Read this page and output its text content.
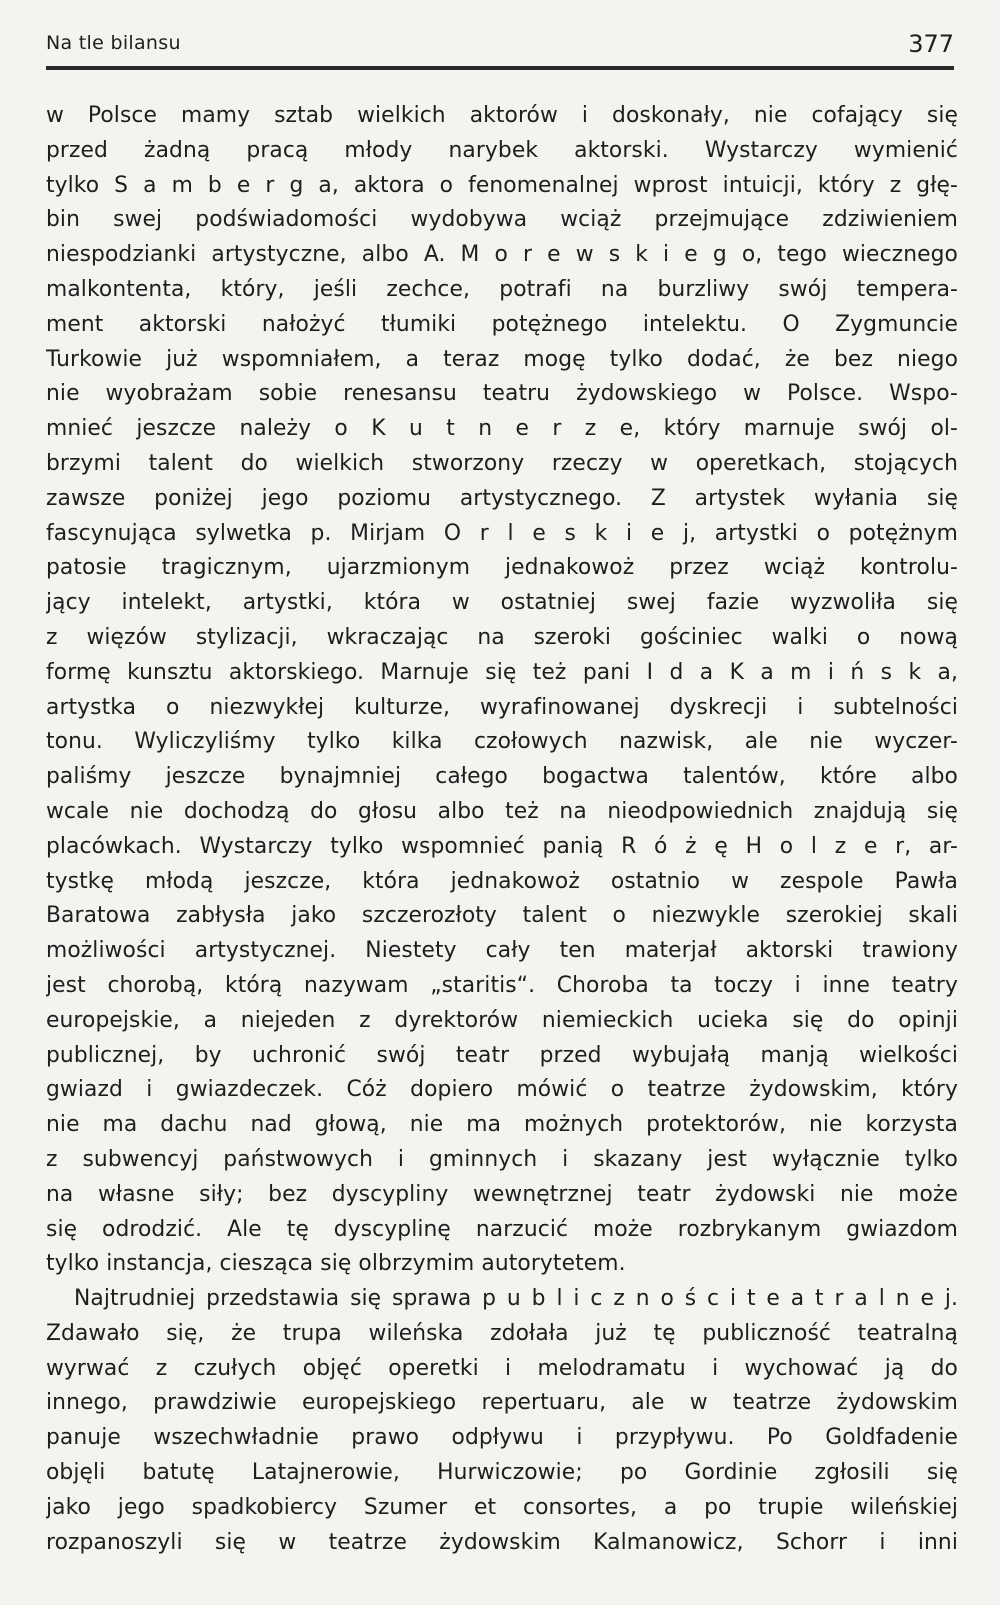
Na tle bilansu	377
w Polsce mamy sztab wielkich aktorów i doskonały, nie cofający się
przed żadną pracą młody narybek aktorski. Wystarczy wymienić
tylko S a m b e r g a, aktora o fenomenalnej wprost intuicji, który z głę-
bin swej podświadomości wydobywa wciąż przejmujące zdziwieniem
niespodzianki artystyczne, albo A. M o r e w s k i e g o, tego wiecznego
malkontenta, który, jeśli zechce, potrafi na burzliwy swój tempera-
ment aktorski nałożyć tłumiki potężnego intelektu. O Zygmuncie
Turkowie już wspomniałem, a teraz mogę tylko dodać, że bez niego
nie wyobrażam sobie renesansu teatru żydowskiego w Polsce. Wspo-
mnieć jeszcze należy o K u t n e r z e, który marnuje swój ol-
brzymi talent do wielkich stworzony rzeczy w operetkach, stojących
zawsze poniżej jego poziomu artystycznego. Z artystek wyłania się
fascynująca sylwetka p. Mirjam O r l e s k i e j, artystki o potężnym
patosie tragicznym, ujarzmionym jednakowoż przez wciąż kontrolu-
jący intelekt, artystki, która w ostatniej swej fazie wyzwoliła się
z więzów stylizacji, wkraczając na szeroki gościniec walki o nową
formę kunsztu aktorskiego. Marnuje się też pani I d a K a m i ń s k a,
artystka o niezwykłej kulturze, wyrafinowanej dyskrecji i subtelności
tonu. Wyliczyliśmy tylko kilka czołowych nazwisk, ale nie wyczer-
paliśmy jeszcze bynajmniej całego bogactwa talentów, które albo
wcale nie dochodzą do głosu albo też na nieodpowiednich znajdują się
placówkach. Wystarczy tylko wspomnieć panią R ó ż ę H o l z e r, ar-
tystkę młodą jeszcze, która jednakowoż ostatnio w zespole Pawła
Baratowa zabłysła jako szczerozłoty talent o niezwykle szerokiej skali
możliwości artystycznej. Niestety cały ten materjał aktorski trawiony
jest chorobą, którą nazywam „staritis“. Choroba ta toczy i inne teatry
europejskie, a niejeden z dyrektorów niemieckich ucieka się do opinji
publicznej, by uchronić swój teatr przed wybujałą manją wielkości
gwiazd i gwiazdeczek. Cóż dopiero mówić o teatrze żydowskim, który
nie ma dachu nad głową, nie ma możnych protektorów, nie korzysta
z subwencyj państwowych i gminnych i skazany jest wyłącznie tylko
na własne siły; bez dyscypliny wewnętrznej teatr żydowski nie może
się odrodzić. Ale tę dyscyplinę narzucić może rozbrykanym gwiazdom
tylko instancja, ciesząca się olbrzymim autorytetem.
Najtrudniej przedstawia się sprawa p u b l i c z n o ś c i t e a t r a l n e j.
Zdawało się, że trupa wileńska zdołała już tę publiczność teatralną
wyrwać z czułych objęć operetki i melodramatu i wychować ją do
innego, prawdziwie europejskiego repertuaru, ale w teatrze żydowskim
panuje wszechwładnie prawo odpływu i przypływu. Po Goldfadenie
objęli batutę Latajnerowie, Hurwiczowie; po Gordinie zgłosili się
jako jego spadkobiercy Szumer et consortes, a po trupie wileńskiej
rozpanoszyli się w teatrze żydowskim Kalmanowicz, Schorr i inni
